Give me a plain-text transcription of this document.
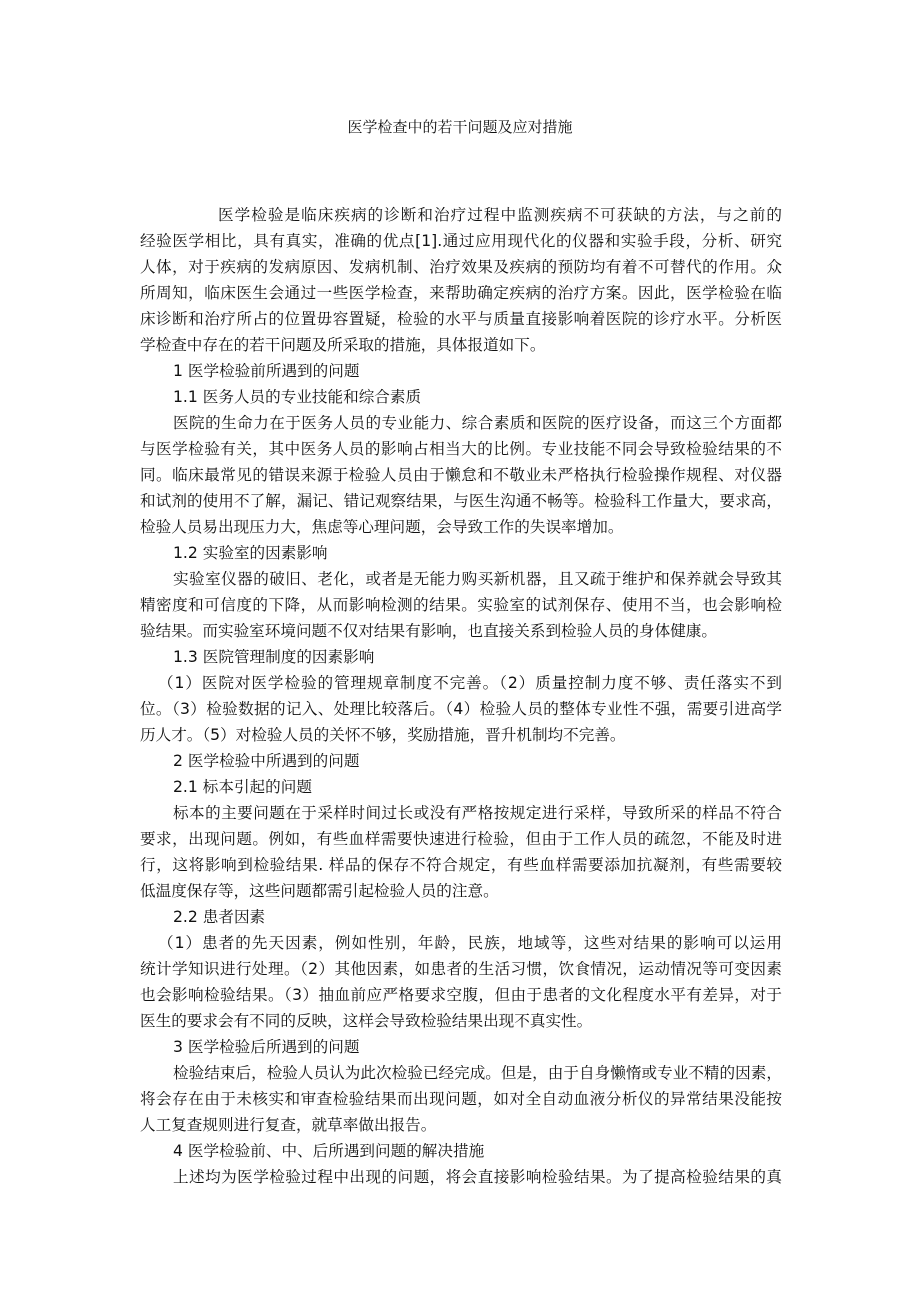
医学检查中的若干问题及应对措施
医学检验是临床疾病的诊断和治疗过程中监测疾病不可获缺的方法，与之前的
经验医学相比，具有真实，准确的优点[1].通过应用现代化的仪器和实验手段，分析、研究
人体，对于疾病的发病原因、发病机制、治疗效果及疾病的预防均有着不可替代的作用。众
所周知，临床医生会通过一些医学检查，来帮助确定疾病的治疗方案。因此，医学检验在临
床诊断和治疗所占的位置毋容置疑，检验的水平与质量直接影响着医院的诊疗水平。分析医
学检查中存在的若干问题及所采取的措施，具体报道如下。
1 医学检验前所遇到的问题
1.1 医务人员的专业技能和综合素质
医院的生命力在于医务人员的专业能力、综合素质和医院的医疗设备，而这三个方面都
与医学检验有关，其中医务人员的影响占相当大的比例。专业技能不同会导致检验结果的不
同。临床最常见的错误来源于检验人员由于懒怠和不敬业未严格执行检验操作规程、对仪器
和试剂的使用不了解，漏记、错记观察结果，与医生沟通不畅等。检验科工作量大，要求高，
检验人员易出现压力大，焦虑等心理问题，会导致工作的失误率增加。
1.2 实验室的因素影响
实验室仪器的破旧、老化，或者是无能力购买新机器，且又疏于维护和保养就会导致其
精密度和可信度的下降，从而影响检测的结果。实验室的试剂保存、使用不当，也会影响检
验结果。而实验室环境问题不仅对结果有影响，也直接关系到检验人员的身体健康。
1.3 医院管理制度的因素影响
（1）医院对医学检验的管理规章制度不完善。（2）质量控制力度不够、责任落实不到
位。（3）检验数据的记入、处理比较落后。（4）检验人员的整体专业性不强，需要引进高学
历人才。（5）对检验人员的关怀不够，奖励措施，晋升机制均不完善。
2 医学检验中所遇到的问题
2.1 标本引起的问题
标本的主要问题在于采样时间过长或没有严格按规定进行采样，导致所采的样品不符合
要求，出现问题。例如，有些血样需要快速进行检验，但由于工作人员的疏忽，不能及时进
行，这将影响到检验结果. 样品的保存不符合规定，有些血样需要添加抗凝剂，有些需要较
低温度保存等，这些问题都需引起检验人员的注意。
2.2 患者因素
（1）患者的先天因素，例如性别，年龄，民族，地域等，这些对结果的影响可以运用
统计学知识进行处理。（2）其他因素，如患者的生活习惯，饮食情况，运动情况等可变因素
也会影响检验结果。（3）抽血前应严格要求空腹，但由于患者的文化程度水平有差异，对于
医生的要求会有不同的反映，这样会导致检验结果出现不真实性。
3 医学检验后所遇到的问题
检验结束后，检验人员认为此次检验已经完成。但是，由于自身懒惰或专业不精的因素，
将会存在由于未核实和审查检验结果而出现问题，如对全自动血液分析仪的异常结果没能按
人工复查规则进行复查，就草率做出报告。
4 医学检验前、中、后所遇到问题的解决措施
上述均为医学检验过程中出现的问题，将会直接影响检验结果。为了提高检验结果的真
